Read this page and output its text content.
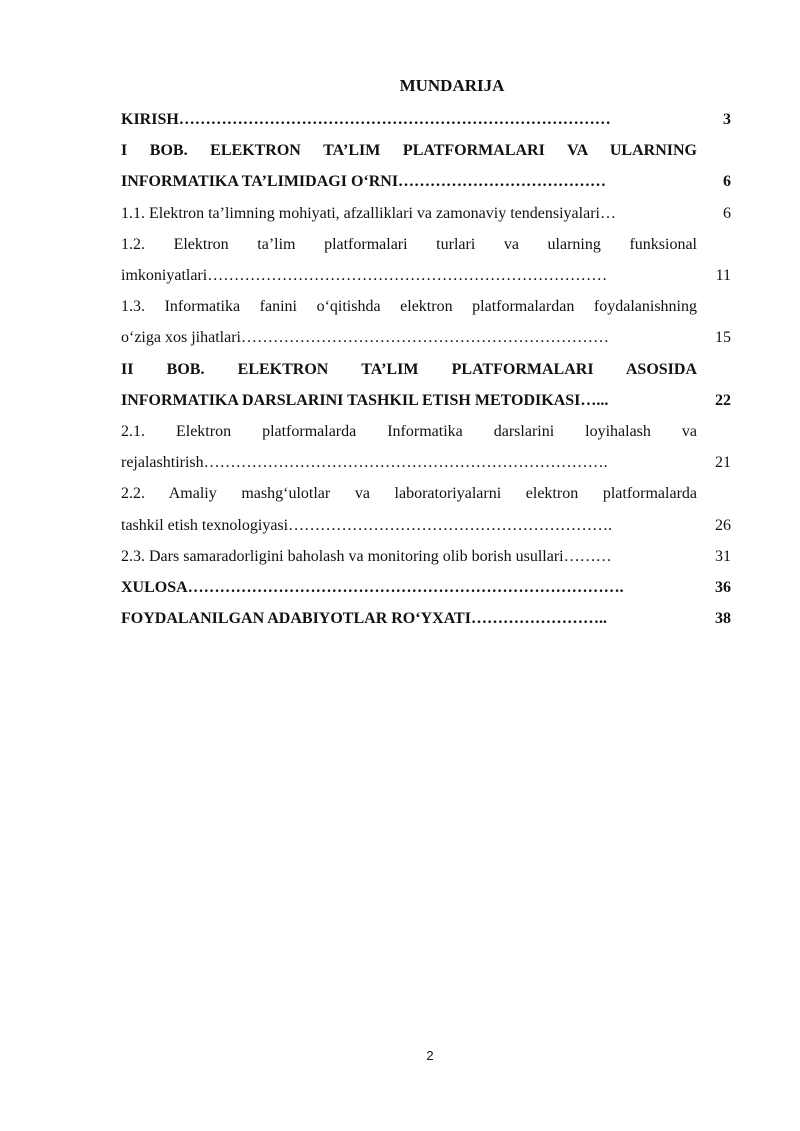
MUNDARIJA
KIRISH………………………………………………………………………	3
I BOB. ELEKTRON TA’LIM PLATFORMALARI VA ULARNING
INFORMATIKA TA’LIMIDAGI O‘RNI…………………………………	6
1.1. Elektron ta’limning mohiyati, afzalliklari va zamonaviy tendensiyalari…	6
1.2. Elektron ta’lim platformalari turlari va ularning funksional
imkoniyatlari…………………………………………………………………	11
1.3. Informatika fanini o‘qitishda elektron platformalardan foydalanishning
o‘ziga xos jihatlari……………………………………………………………	15
II BOB. ELEKTRON TA’LIM PLATFORMALARI ASOSIDA
INFORMATIKA DARSLARINI TASHKIL ETISH METODIKASI…...	22
2.1. Elektron platformalarda Informatika darslarini loyihalash va
rejalashtirish………………………………………………………………….	21
2.2. Amaliy mashg‘ulotlar va laboratoriyalarni elektron platformalarda
tashkil etish texnologiyasi…………………………………………………….	26
2.3. Dars samaradorligini baholash va monitoring olib borish usullari………	31
XULOSA……………………………………………………………………….	36
FOYDALANILGAN ADABIYOTLAR RO‘YXATI……………………..	38
2
